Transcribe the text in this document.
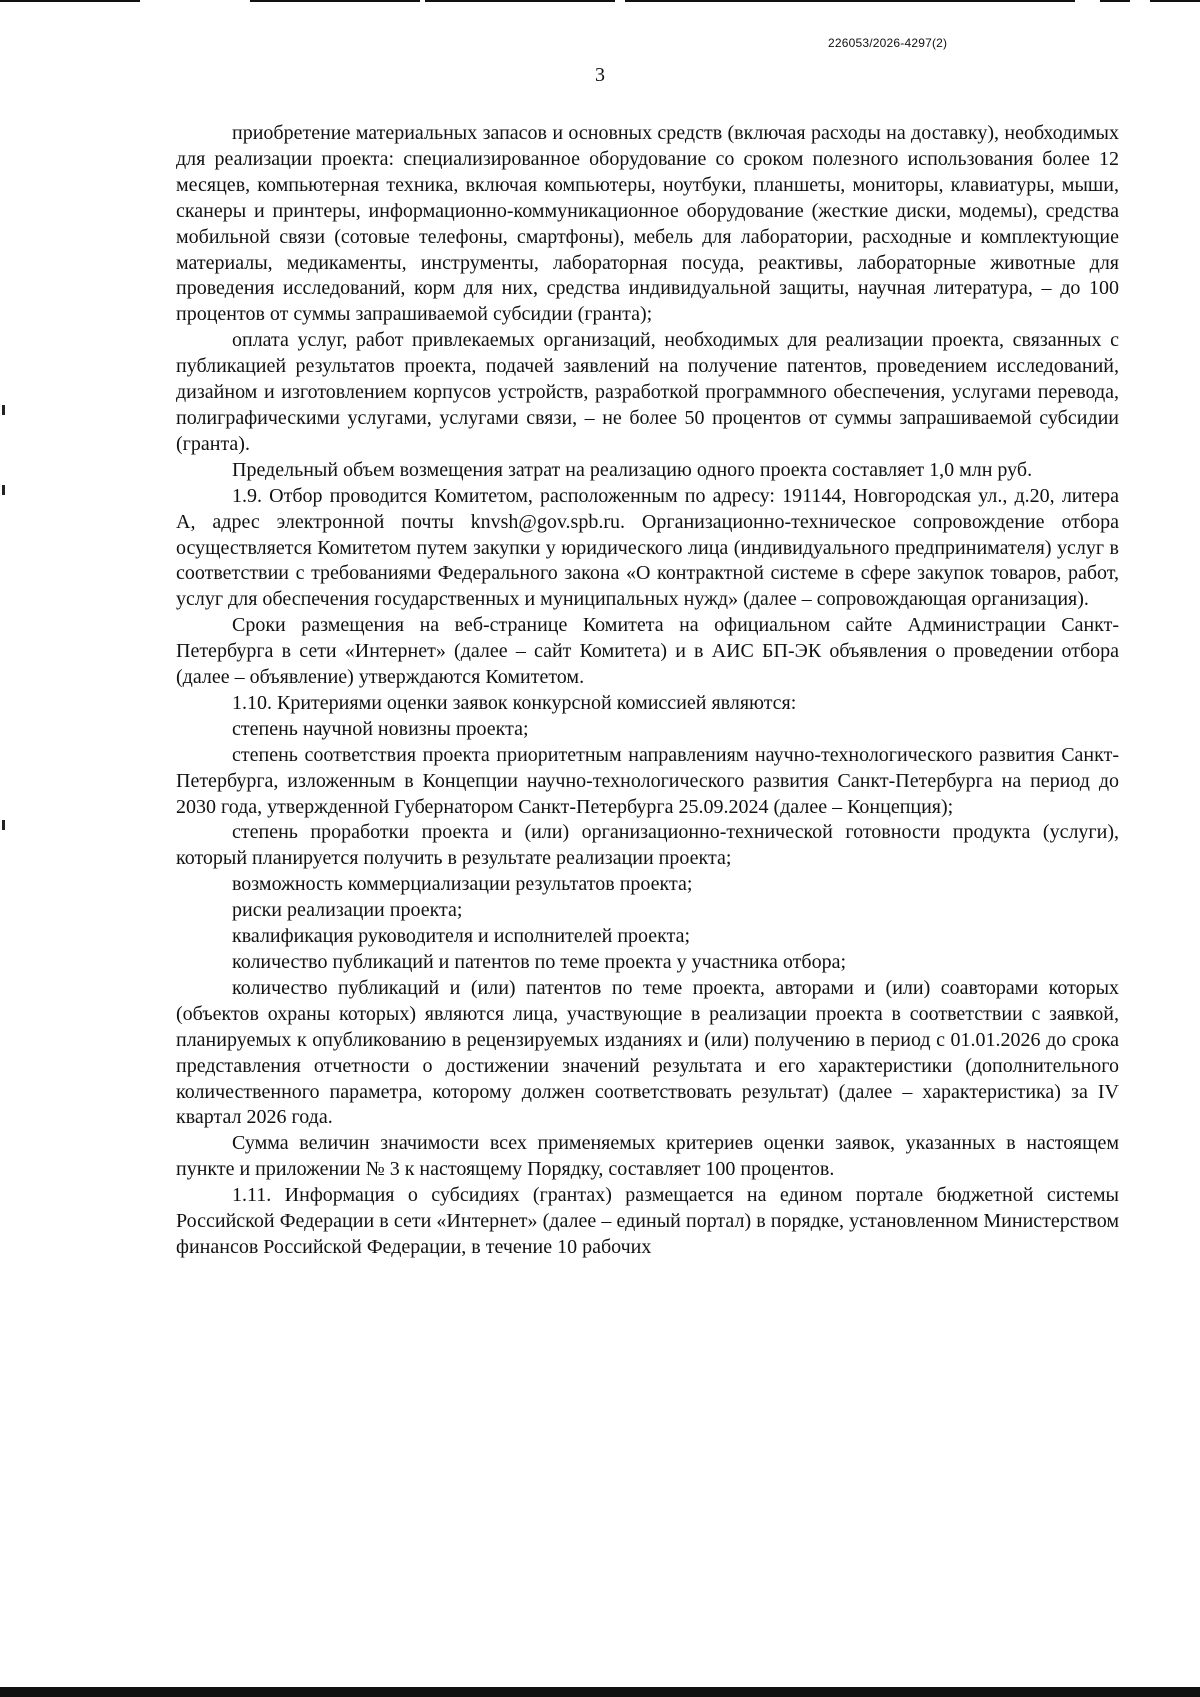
226053/2026-4297(2)
3

приобретение материальных запасов и основных средств (включая расходы на доставку), необходимых для реализации проекта: специализированное оборудование со сроком полезного использования более 12 месяцев, компьютерная техника, включая компьютеры, ноутбуки, планшеты, мониторы, клавиатуры, мыши, сканеры и принтеры, информационно-коммуникационное оборудование (жесткие диски, модемы), средства мобильной связи (сотовые телефоны, смартфоны), мебель для лаборатории, расходные и комплектующие материалы, медикаменты, инструменты, лабораторная посуда, реактивы, лабораторные животные для проведения исследований, корм для них, средства индивидуальной защиты, научная литература, – до 100 процентов от суммы запрашиваемой субсидии (гранта);

оплата услуг, работ привлекаемых организаций, необходимых для реализации проекта, связанных с публикацией результатов проекта, подачей заявлений на получение патентов, проведением исследований, дизайном и изготовлением корпусов устройств, разработкой программного обеспечения, услугами перевода, полиграфическими услугами, услугами связи, – не более 50 процентов от суммы запрашиваемой субсидии (гранта).

Предельный объем возмещения затрат на реализацию одного проекта составляет 1,0 млн руб.

1.9. Отбор проводится Комитетом, расположенным по адресу: 191144, Новгородская ул., д.20, литера А, адрес электронной почты knvsh@gov.spb.ru. Организационно-техническое сопровождение отбора осуществляется Комитетом путем закупки у юридического лица (индивидуального предпринимателя) услуг в соответствии с требованиями Федерального закона «О контрактной системе в сфере закупок товаров, работ, услуг для обеспечения государственных и муниципальных нужд» (далее – сопровождающая организация).

Сроки размещения на веб-странице Комитета на официальном сайте Администрации Санкт-Петербурга в сети «Интернет» (далее – сайт Комитета) и в АИС БП-ЭК объявления о проведении отбора (далее – объявление) утверждаются Комитетом.

1.10. Критериями оценки заявок конкурсной комиссией являются:

степень научной новизны проекта;

степень соответствия проекта приоритетным направлениям научно-технологического развития Санкт-Петербурга, изложенным в Концепции научно-технологического развития Санкт-Петербурга на период до 2030 года, утвержденной Губернатором Санкт-Петербурга 25.09.2024 (далее – Концепция);

степень проработки проекта и (или) организационно-технической готовности продукта (услуги), который планируется получить в результате реализации проекта;

возможность коммерциализации результатов проекта;

риски реализации проекта;

квалификация руководителя и исполнителей проекта;

количество публикаций и патентов по теме проекта у участника отбора;

количество публикаций и (или) патентов по теме проекта, авторами и (или) соавторами которых (объектов охраны которых) являются лица, участвующие в реализации проекта в соответствии с заявкой, планируемых к опубликованию в рецензируемых изданиях и (или) получению в период с 01.01.2026 до срока представления отчетности о достижении значений результата и его характеристики (дополнительного количественного параметра, которому должен соответствовать результат) (далее – характеристика) за IV квартал 2026 года.

Сумма величин значимости всех применяемых критериев оценки заявок, указанных в настоящем пункте и приложении № 3 к настоящему Порядку, составляет 100 процентов.

1.11. Информация о субсидиях (грантах) размещается на едином портале бюджетной системы Российской Федерации в сети «Интернет» (далее – единый портал) в порядке, установленном Министерством финансов Российской Федерации, в течение 10 рабочих
